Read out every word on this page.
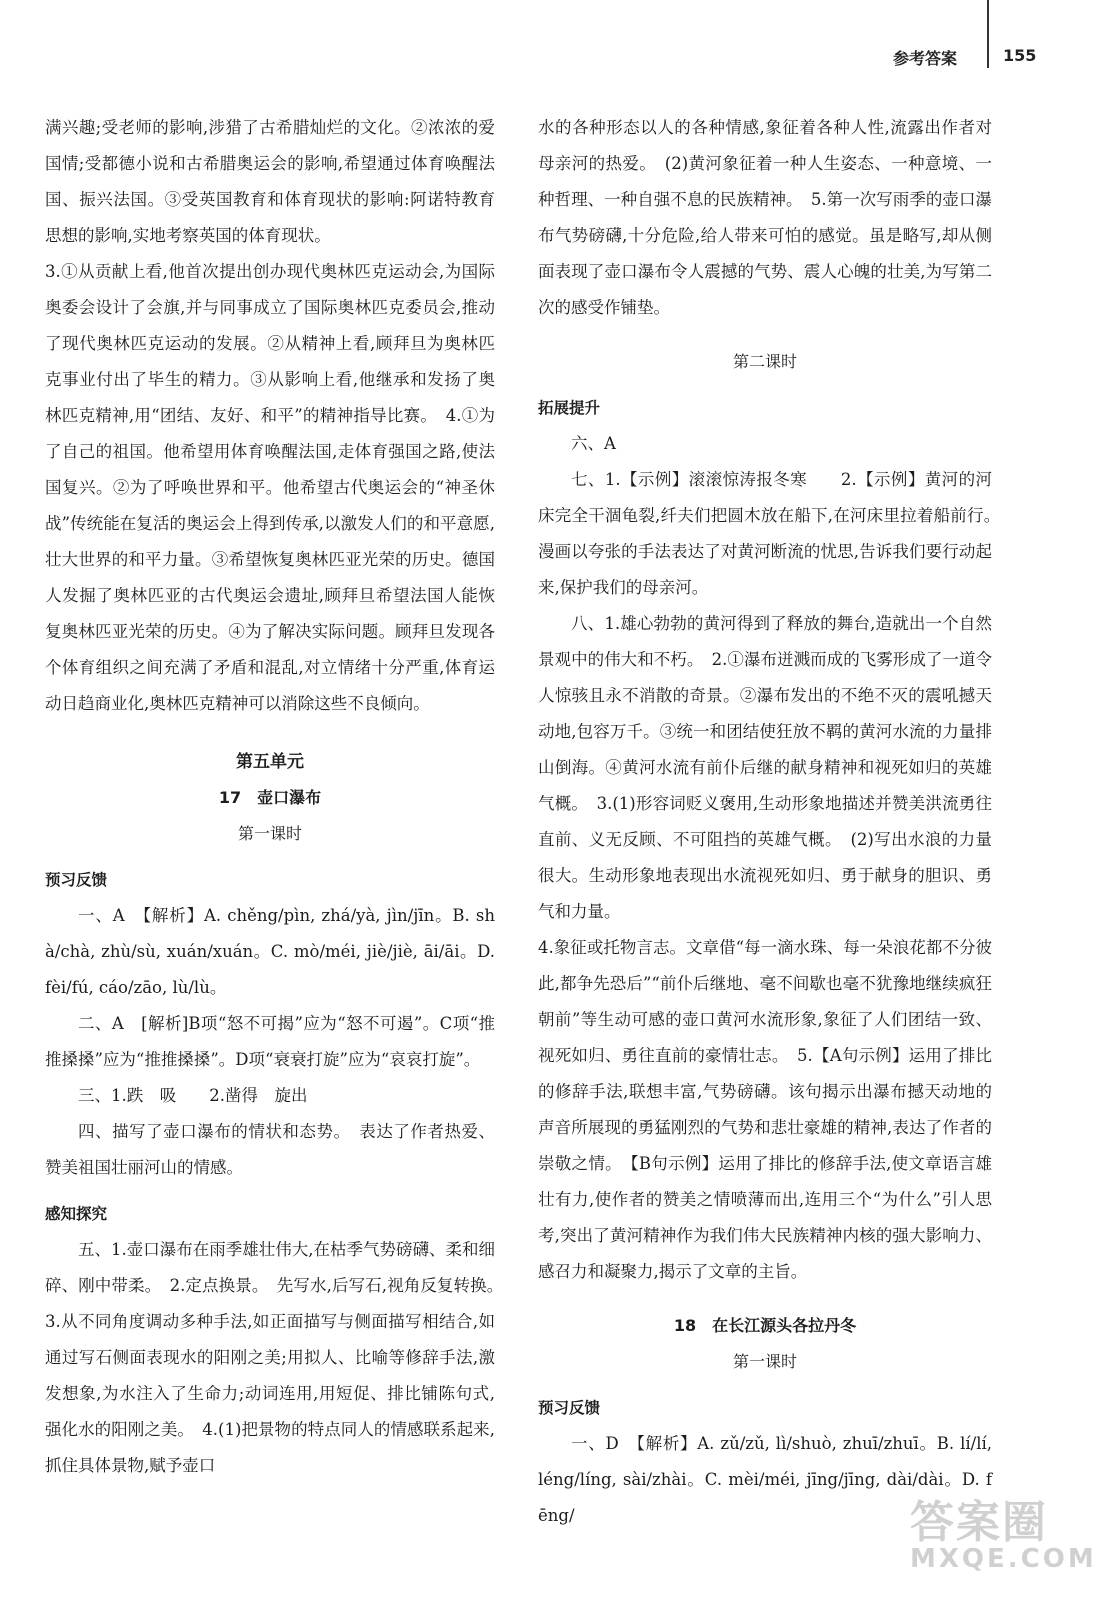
参考答案	155

满兴趣;受老师的影响,涉猎了古希腊灿烂的文化。②浓浓的爱国情;受都德小说和古希腊奥运会的影响,希望通过体育唤醒法国、振兴法国。③受英国教育和体育现状的影响:阿诺特教育思想的影响,实地考察英国的体育现状。

3.①从贡献上看,他首次提出创办现代奥林匹克运动会,为国际奥委会设计了会旗,并与同事成立了国际奥林匹克委员会,推动了现代奥林匹克运动的发展。②从精神上看,顾拜旦为奥林匹克事业付出了毕生的精力。③从影响上看,他继承和发扬了奥林匹克精神,用“团结、友好、和平”的精神指导比赛。　4.①为了自己的祖国。他希望用体育唤醒法国,走体育强国之路,使法国复兴。②为了呼唤世界和平。他希望古代奥运会的“神圣休战”传统能在复活的奥运会上得到传承,以激发人们的和平意愿,壮大世界的和平力量。③希望恢复奥林匹亚光荣的历史。德国人发掘了奥林匹亚的古代奥运会遗址,顾拜旦希望法国人能恢复奥林匹亚光荣的历史。④为了解决实际问题。顾拜旦发现各个体育组织之间充满了矛盾和混乱,对立情绪十分严重,体育运动日趋商业化,奥林匹克精神可以消除这些不良倾向。

第五单元

17　壶口瀑布

第一课时

预习反馈

一、A　【解析】A. chěng/pìn, zhá/yà, jìn/jīn。B. shà/chà, zhù/sù, xuán/xuán。C. mò/méi, jiè/jiè, āi/āi。D. fèi/fú, cáo/zāo, lù/lù。

二、A　[解析]B项“怒不可揭”应为“怒不可遏”。C项“推推搡搡”应为“推推搡搡”。D项“衰衰打旋”应为“哀哀打旋”。

三、1.跌　吸　　2.凿得　旋出

四、描写了壶口瀑布的情状和态势。　表达了作者热爱、赞美祖国壮丽河山的情感。

感知探究

五、1.壶口瀑布在雨季雄壮伟大,在枯季气势磅礴、柔和细碎、刚中带柔。　2.定点换景。　先写水,后写石,视角反复转换。　3.从不同角度调动多种手法,如正面描写与侧面描写相结合,如通过写石侧面表现水的阳刚之美;用拟人、比喻等修辞手法,激发想象,为水注入了生命力;动词连用,用短促、排比铺陈句式,强化水的阳刚之美。　4.(1)把景物的特点同人的情感联系起来,抓住具体景物,赋予壶口

水的各种形态以人的各种情感,象征着各种人性,流露出作者对母亲河的热爱。　(2)黄河象征着一种人生姿态、一种意境、一种哲理、一种自强不息的民族精神。　5.第一次写雨季的壶口瀑布气势磅礴,十分危险,给人带来可怕的感觉。虽是略写,却从侧面表现了壶口瀑布令人震撼的气势、震人心魄的壮美,为写第二次的感受作铺垫。

第二课时

拓展提升

六、A

七、1.【示例】滚滚惊涛报冬寒　　2.【示例】黄河的河床完全干涸龟裂,纤夫们把圆木放在船下,在河床里拉着船前行。　漫画以夸张的手法表达了对黄河断流的忧思,告诉我们要行动起来,保护我们的母亲河。

八、1.雄心勃勃的黄河得到了释放的舞台,造就出一个自然景观中的伟大和不朽。　2.①瀑布迸溅而成的飞雾形成了一道令人惊骇且永不消散的奇景。②瀑布发出的不绝不灭的震吼撼天动地,包容万千。③统一和团结使狂放不羁的黄河水流的力量排山倒海。④黄河水流有前仆后继的献身精神和视死如归的英雄气概。　3.(1)形容词贬义褒用,生动形象地描述并赞美洪流勇往直前、义无反顾、不可阻挡的英雄气概。　(2)写出水浪的力量很大。生动形象地表现出水流视死如归、勇于献身的胆识、勇气和力量。

4.象征或托物言志。文章借“每一滴水珠、每一朵浪花都不分彼此,都争先恐后”“前仆后继地、毫不间歇也毫不犹豫地继续疯狂朝前”等生动可感的壶口黄河水流形象,象征了人们团结一致、视死如归、勇往直前的豪情壮志。　5.【A句示例】运用了排比的修辞手法,联想丰富,气势磅礴。该句揭示出瀑布撼天动地的声音所展现的勇猛刚烈的气势和悲壮豪雄的精神,表达了作者的崇敬之情。　【B句示例】运用了排比的修辞手法,使文章语言雄壮有力,使作者的赞美之情喷薄而出,连用三个“为什么”引人思考,突出了黄河精神作为我们伟大民族精神内核的强大影响力、感召力和凝聚力,揭示了文章的主旨。

18　在长江源头各拉丹冬

第一课时

预习反馈

一、D　【解析】A. zǔ/zǔ, lì/shuò, zhuī/zhuī。B. lí/lí, léng/líng, sài/zhài。C. mèi/méi, jīng/jīng, dài/dài。D. fēng/	答案圈
MXQE.COM
